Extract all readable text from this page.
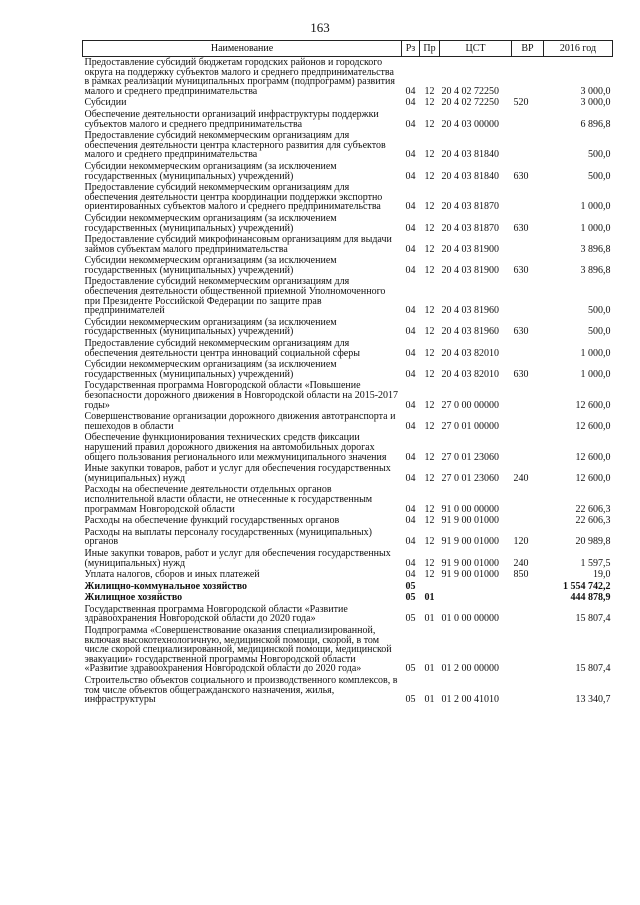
163
Наименование	Рз	Пр	ЦСТ	ВР	2016 год
Предоставление субсидий бюджетам городских районов и городского округа на поддержку субъектов малого и среднего предпринимательства в рамках реализации муниципальных программ (подпрограмм) развития малого и среднего предпринимательства	04	12	20 4 02 72250		3 000,0
Субсидии	04	12	20 4 02 72250	520	3 000,0
Обеспечение деятельности организаций инфраструктуры поддержки субъектов малого и среднего предпринимательства	04	12	20 4 03 00000		6 896,8
Предоставление субсидий некоммерческим организациям для обеспечения деятельности центра кластерного развития для субъектов малого и среднего предпринимательства	04	12	20 4 03 81840		500,0
Субсидии некоммерческим организациям (за исключением государственных (муниципальных) учреждений)	04	12	20 4 03 81840	630	500,0
Предоставление субсидий некоммерческим организациям для обеспечения деятельности центра координации поддержки экспортно ориентированных субъектов малого и среднего предпринимательства	04	12	20 4 03 81870		1 000,0
Субсидии некоммерческим организациям (за исключением государственных (муниципальных) учреждений)	04	12	20 4 03 81870	630	1 000,0
Предоставление субсидий микрофинансовым организациям для выдачи займов субъектам малого предпринимательства	04	12	20 4 03 81900		3 896,8
Субсидии некоммерческим организациям (за исключением государственных (муниципальных) учреждений)	04	12	20 4 03 81900	630	3 896,8
Предоставление субсидий некоммерческим организациям для обеспечения деятельности общественной приемной Уполномоченного при Президенте Российской Федерации по защите прав предпринимателей	04	12	20 4 03 81960		500,0
Субсидии некоммерческим организациям (за исключением государственных (муниципальных) учреждений)	04	12	20 4 03 81960	630	500,0
Предоставление субсидий некоммерческим организациям для обеспечения деятельности центра инноваций социальной сферы	04	12	20 4 03 82010		1 000,0
Субсидии некоммерческим организациям (за исключением государственных (муниципальных) учреждений)	04	12	20 4 03 82010	630	1 000,0
Государственная программа Новгородской области «Повышение безопасности дорожного движения в Новгородской области на 2015-2017 годы»	04	12	27 0 00 00000		12 600,0
Совершенствование организации дорожного движения автотранспорта и пешеходов в области	04	12	27 0 01 00000		12 600,0
Обеспечение функционирования технических средств фиксации нарушений правил дорожного движения на автомобильных дорогах общего пользования регионального или межмуниципального значения	04	12	27 0 01 23060		12 600,0
Иные закупки товаров, работ и услуг для обеспечения государственных (муниципальных) нужд	04	12	27 0 01 23060	240	12 600,0
Расходы на обеспечение деятельности отдельных органов исполнительной власти области, не отнесенные к государственным программам Новгородской области	04	12	91 0 00 00000		22 606,3
Расходы на обеспечение функций государственных органов	04	12	91 9 00 01000		22 606,3
Расходы на выплаты персоналу государственных (муниципальных) органов	04	12	91 9 00 01000	120	20 989,8
Иные закупки товаров, работ и услуг для обеспечения государственных (муниципальных) нужд	04	12	91 9 00 01000	240	1 597,5
Уплата налогов, сборов и иных платежей	04	12	91 9 00 01000	850	19,0
Жилищно-коммунальное хозяйство	05				1 554 742,2
Жилищное хозяйство	05	01			444 878,9
Государственная программа Новгородской области «Развитие здравоохранения Новгородской области до 2020 года»	05	01	01 0 00 00000		15 807,4
Подпрограмма «Совершенствование оказания специализированной, включая высокотехнологичную, медицинской помощи, скорой, в том числе скорой специализированной, медицинской помощи, медицинской эвакуации» государственной программы Новгородской области «Развитие здравоохранения Новгородской области до 2020 года»	05	01	01 2 00 00000		15 807,4
Строительство объектов социального и производственного комплексов, в том числе объектов общегражданского назначения, жилья, инфраструктуры	05	01	01 2 00 41010		13 340,7
